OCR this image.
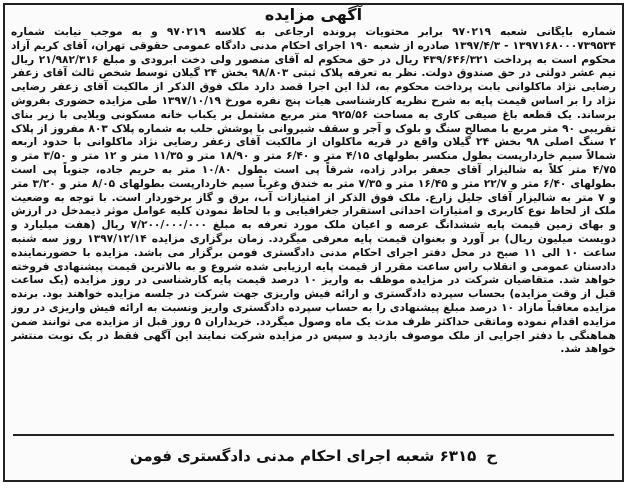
آگهی مزایده
شماره بایگانی شعبه ۹۷۰۲۱۹ برابر محتویات پرونده ارجاعی به کلاسه ۹۷۰۲۱۹ و به موجب نیابت شماره ۱۳۹۷۱۶۸۰۰۰۷۳۹۵۳۴ - ۱۳۹۷/۴/۳ صادره از شعبه ۱۹۰ اجرای احکام مدنی دادگاه عمومی حقوقی تهران، آقای کریم آزاد محکوم است به پرداخت ۴۳۹/۶۴۶/۳۲۱ ریال در حق محکوم له آقای منصور ولی دخت ابرودی و مبلغ ۲۱/۹۸۲/۳۱۶ ریال نیم عشر دولتی در حق صندوق دولت. نظر به تعرفه پلاک ثبتی ۹۸/۸۰۳ بخش ۲۴ گیلان توسط شخص ثالث آقای زعفر رضایی نژاد ماکلوانی بابت پرداخت محکوم به، لذا این اجرا قصد دارد ملک فوق الذکر از مالکیت آقای زعفر رضایی نژاد را بر اساس قیمت پایه به شرح نظریه کارشناسی هیات پنج نفره مورخ ۱۳۹۷/۱۰/۱۹ طی مزایده حضوری بفروش برساند. یک قطعه باغ صیفی کاری به مساحت ۹۲۵/۵۶ متر مربع مشتمل بر یکباب خانه مسکونی ویلایی با زیر بنای تقریبی ۹۰ متر مربع با مصالح سنگ و بلوک و آجر و سقف شیروانی با پوشش حلب به شماره پلاک ۸۰۳ مفروز از پلاک ۲ سنگ اصلی ۹۸ بخش ۲۴ گیلان واقع در قریه ماکلوان از مالکیت آقای زعفر رضایی نژاد ماکلوانی با حدود اربعه شمالاً سیم خاردارپست بطول منکسر بطولهای ۴/۱۵ متر و ۶/۴۰ متر و ۱۸/۹۰ متر و ۱۱/۳۵ متر و ۱۲ متر و ۳/۵۰ متر و ۴/۷۵ متر کلاً به شالیزار آقای جعفر برادر زاده، شرقاً پی است بطول ۱۰/۸۰ متر به حریم جاده، جنوباً پی است بطولهای ۶/۴۰ متر و ۲۲/۷ متر و ۱۶/۴۵ متر و ۷/۳۵ متر به خندق وغرباً سیم خاردارپست بطولهای ۸/۰۵ متر و ۳/۲۰ متر و ۷ متر به شالیزار آقای جلیل زارع. ملک فوق الذکر از امتیازات آب، برق و گاز برخوردار است. با توجه به وضعیت ملک از لحاظ نوع کاربری و امتیازات احداثی استقرار جغرافیایی و با لحاظ نمودن کلیه عوامل موثر ذیمدخل در ارزش و بهای زمین قیمت پایه ششدانگ عرصه و اعیان ملک مورد تعرفه به مبلغ ۷/۲۰۰/۰۰۰/۰۰۰ ریال (هفت میلیارد و دویست میلیون ریال) بر آورد و بعنوان قیمت پایه معرفی میگردد. زمان برگزاری مزایده ۱۳۹۷/۱۲/۱۴ روز سه شنبه ساعت ۱۰ الی ۱۱ صبح در محل دفتر اجرای احکام مدنی دادگستری فومن برگزار می باشد. مزایده با حضورنماینده دادستان عمومی و انقلاب راس ساعت مقرر از قیمت پایه ارزیابی شده شروع و به بالاترین قیمت پیشنهادی فروخته خواهد شد. متقاضیان شرکت در مزایده موظف به واریز ۱۰ درصد قیمت پایه کارشناسی در روز مزایده (یک ساعت قبل از وقت مزایده) بحساب سپرده دادگستری و ارائه فیش واریزی جهت شرکت در جلسه مزایده خواهند بود. برنده مزایده معاقباً مازاد ۱۰ درصد مبلغ پیشنهادی را به حساب سپرده دادگستری واریز ونسبت به ارائه فیش واریزی در روز مزایده اقدام نموده وماتقی حداکثر ظرف مدت یک ماه وصول میگردد. خریداران ۵ روز قبل از مزایده می توانند ضمن هماهنگی با دفتر اجرایی از ملک موصوف بازدید و سپس در مزایده شرکت نمایند این آگهی فقط در یک نوبت منتشر خواهد شد.
ح
۶۳۱۵ شعبه اجرای احکام مدنی دادگستری فومن
